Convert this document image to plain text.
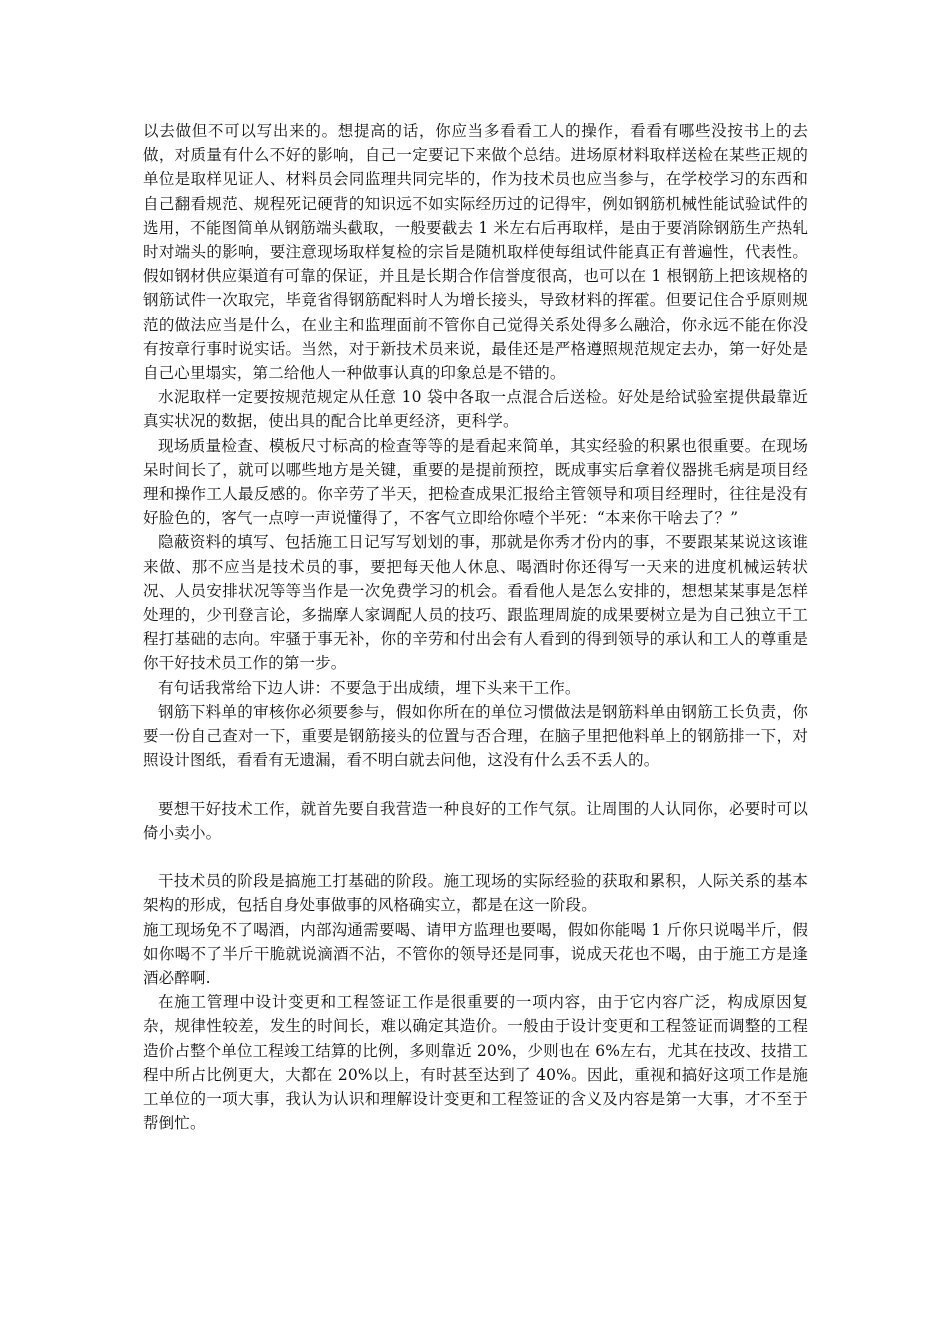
以去做但不可以写出来的。想提高的话，你应当多看看工人的操作，看看有哪些没按书上的去做，对质量有什么不好的影响，自己一定要记下来做个总结。进场原材料取样送检在某些正规的单位是取样见证人、材料员会同监理共同完毕的，作为技术员也应当参与，在学校学习的东西和自己翻看规范、规程死记硬背的知识远不如实际经历过的记得牢，例如钢筋机械性能试验试件的选用，不能图简单从钢筋端头截取，一般要截去 1 米左右后再取样，是由于要消除钢筋生产热轧时对端头的影响，要注意现场取样复检的宗旨是随机取样使每组试件能真正有普遍性，代表性。假如钢材供应渠道有可靠的保证，并且是长期合作信誉度很高，也可以在 1 根钢筋上把该规格的钢筋试件一次取完，毕竟省得钢筋配料时人为增长接头，导致材料的挥霍。但要记住合乎原则规范的做法应当是什么，在业主和监理面前不管你自己觉得关系处得多么融洽，你永远不能在你没有按章行事时说实话。当然，对于新技术员来说，最佳还是严格遵照规范规定去办，第一好处是自己心里塌实，第二给他人一种做事认真的印象总是不错的。

水泥取样一定要按规范规定从任意 10 袋中各取一点混合后送检。好处是给试验室提供最靠近真实状况的数据，使出具的配合比单更经济，更科学。

现场质量检查、模板尺寸标高的检查等等的是看起来简单，其实经验的积累也很重要。在现场呆时间长了，就可以哪些地方是关键，重要的是提前预控，既成事实后拿着仪器挑毛病是项目经理和操作工人最反感的。你辛劳了半天，把检查成果汇报给主管领导和项目经理时，往往是没有好脸色的，客气一点哼一声说懂得了，不客气立即给你噎个半死：“本来你干啥去了？”

隐蔽资料的填写、包括施工日记写写划划的事，那就是你秀才份内的事，不要跟某某说这该谁来做、那不应当是技术员的事，要把每天他人休息、喝酒时你还得写一天来的进度机械运转状况、人员安排状况等等当作是一次免费学习的机会。看看他人是怎么安排的，想想某某事是怎样处理的，少刊登言论，多揣摩人家调配人员的技巧、跟监理周旋的成果要树立是为自己独立干工程打基础的志向。牢骚于事无补，你的辛劳和付出会有人看到的得到领导的承认和工人的尊重是你干好技术员工作的第一步。

有句话我常给下边人讲：不要急于出成绩，埋下头来干工作。

钢筋下料单的审核你必须要参与，假如你所在的单位习惯做法是钢筋料单由钢筋工长负责，你要一份自己查对一下，重要是钢筋接头的位置与否合理，在脑子里把他料单上的钢筋排一下，对照设计图纸，看看有无遗漏，看不明白就去问他，这没有什么丢不丢人的。

要想干好技术工作，就首先要自我营造一种良好的工作气氛。让周围的人认同你，必要时可以倚小卖小。

干技术员的阶段是搞施工打基础的阶段。施工现场的实际经验的获取和累积，人际关系的基本架构的形成，包括自身处事做事的风格确实立，都是在这一阶段。

施工现场免不了喝酒，内部沟通需要喝、请甲方监理也要喝，假如你能喝 1 斤你只说喝半斤，假如你喝不了半斤干脆就说滴酒不沾，不管你的领导还是同事，说成天花也不喝，由于施工方是逢酒必醉啊.

在施工管理中设计变更和工程签证工作是很重要的一项内容，由于它内容广泛，构成原因复杂，规律性较差，发生的时间长，难以确定其造价。一般由于设计变更和工程签证而调整的工程造价占整个单位工程竣工结算的比例，多则靠近 20%，少则也在 6%左右，尤其在技改、技措工程中所占比例更大，大都在 20%以上，有时甚至达到了 40%。因此，重视和搞好这项工作是施工单位的一项大事，我认为认识和理解设计变更和工程签证的含义及内容是第一大事，才不至于帮倒忙。
